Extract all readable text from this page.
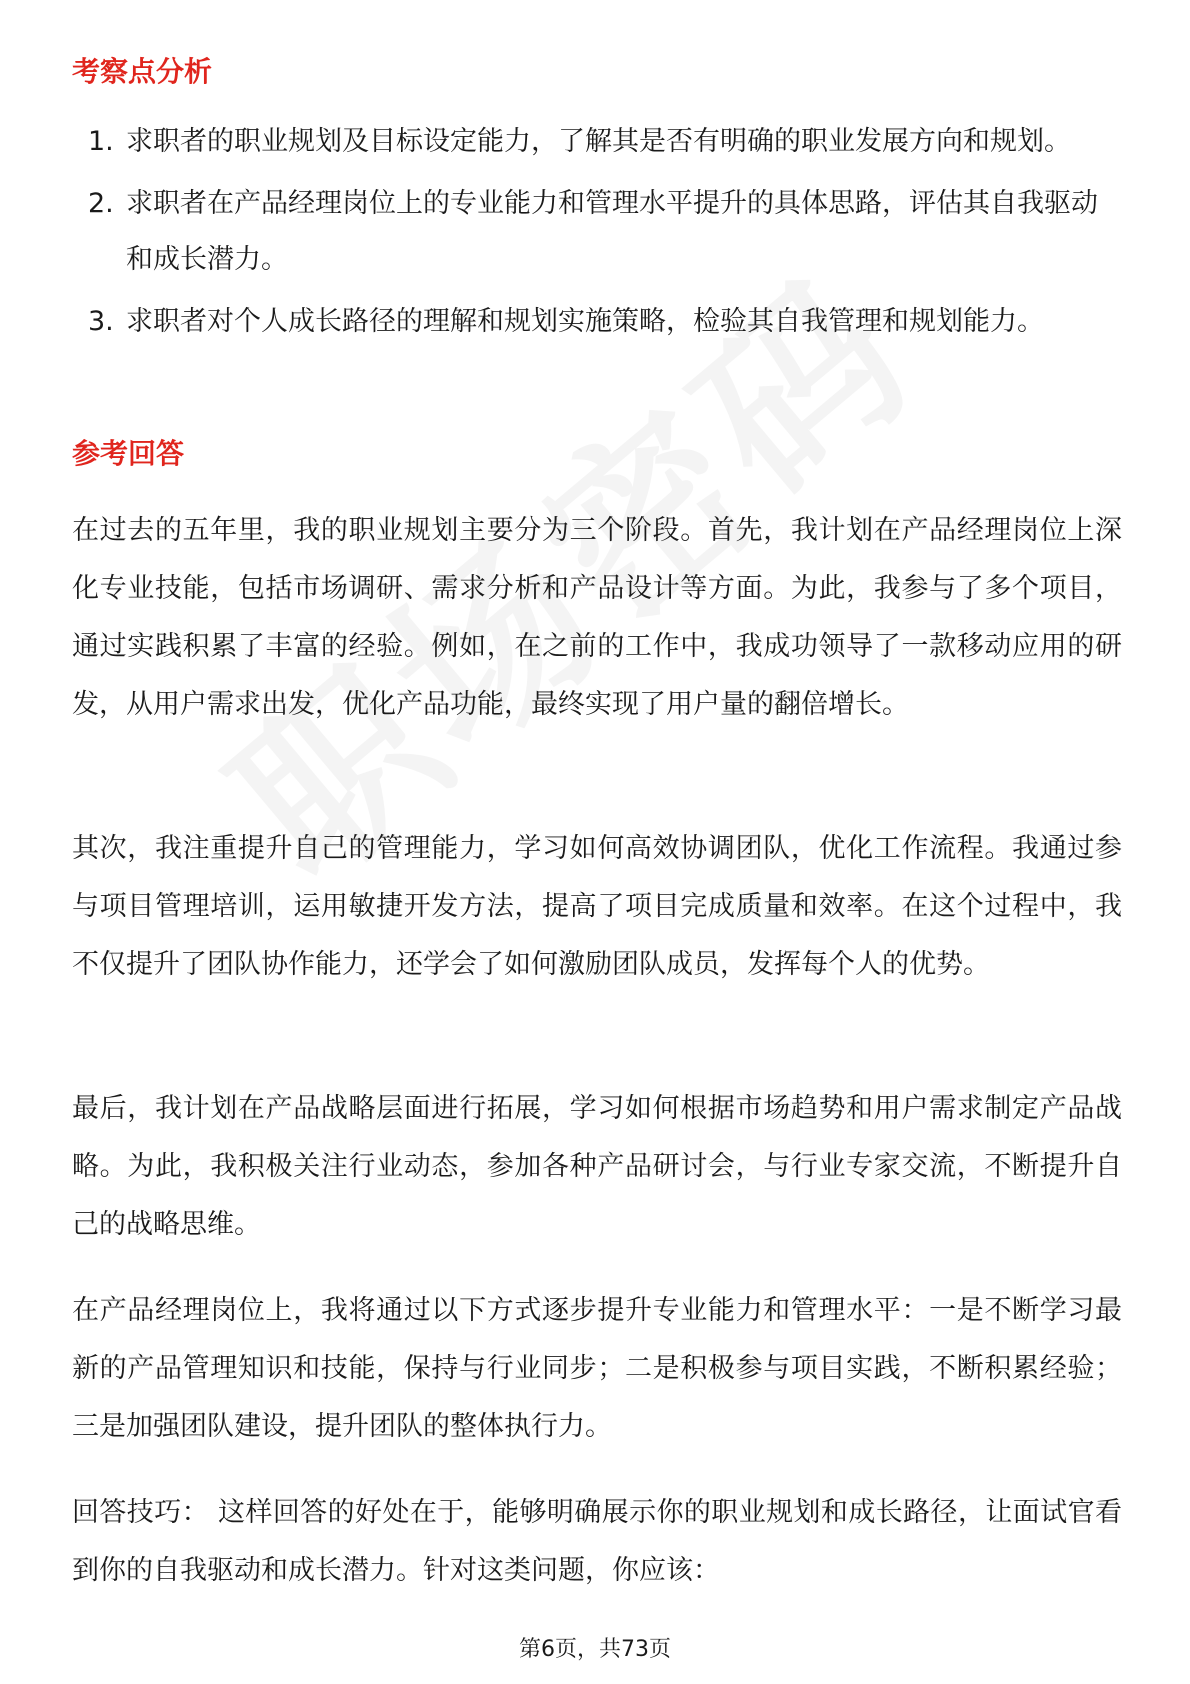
考察点分析
1. 求职者的职业规划及目标设定能力，了解其是否有明确的职业发展方向和规划。
2. 求职者在产品经理岗位上的专业能力和管理水平提升的具体思路，评估其自我驱动和成长潜力。
3. 求职者对个人成长路径的理解和规划实施策略，检验其自我管理和规划能力。
参考回答

在过去的五年里，我的职业规划主要分为三个阶段。首先，我计划在产品经理岗位上深化专业技能，包括市场调研、需求分析和产品设计等方面。为此，我参与了多个项目，通过实践积累了丰富的经验。例如，在之前的工作中，我成功领导了一款移动应用的研发，从用户需求出发，优化产品功能，最终实现了用户量的翻倍增长。

其次，我注重提升自己的管理能力，学习如何高效协调团队，优化工作流程。我通过参与项目管理培训，运用敏捷开发方法，提高了项目完成质量和效率。在这个过程中，我不仅提升了团队协作能力，还学会了如何激励团队成员，发挥每个人的优势。

最后，我计划在产品战略层面进行拓展，学习如何根据市场趋势和用户需求制定产品战略。为此，我积极关注行业动态，参加各种产品研讨会，与行业专家交流，不断提升自己的战略思维。

在产品经理岗位上，我将通过以下方式逐步提升专业能力和管理水平：一是不断学习最新的产品管理知识和技能，保持与行业同步；二是积极参与项目实践，不断积累经验；三是加强团队建设，提升团队的整体执行力。

回答技巧： 这样回答的好处在于，能够明确展示你的职业规划和成长路径，让面试官看到你的自我驱动和成长潜力。针对这类问题，你应该：

第6页，共73页
